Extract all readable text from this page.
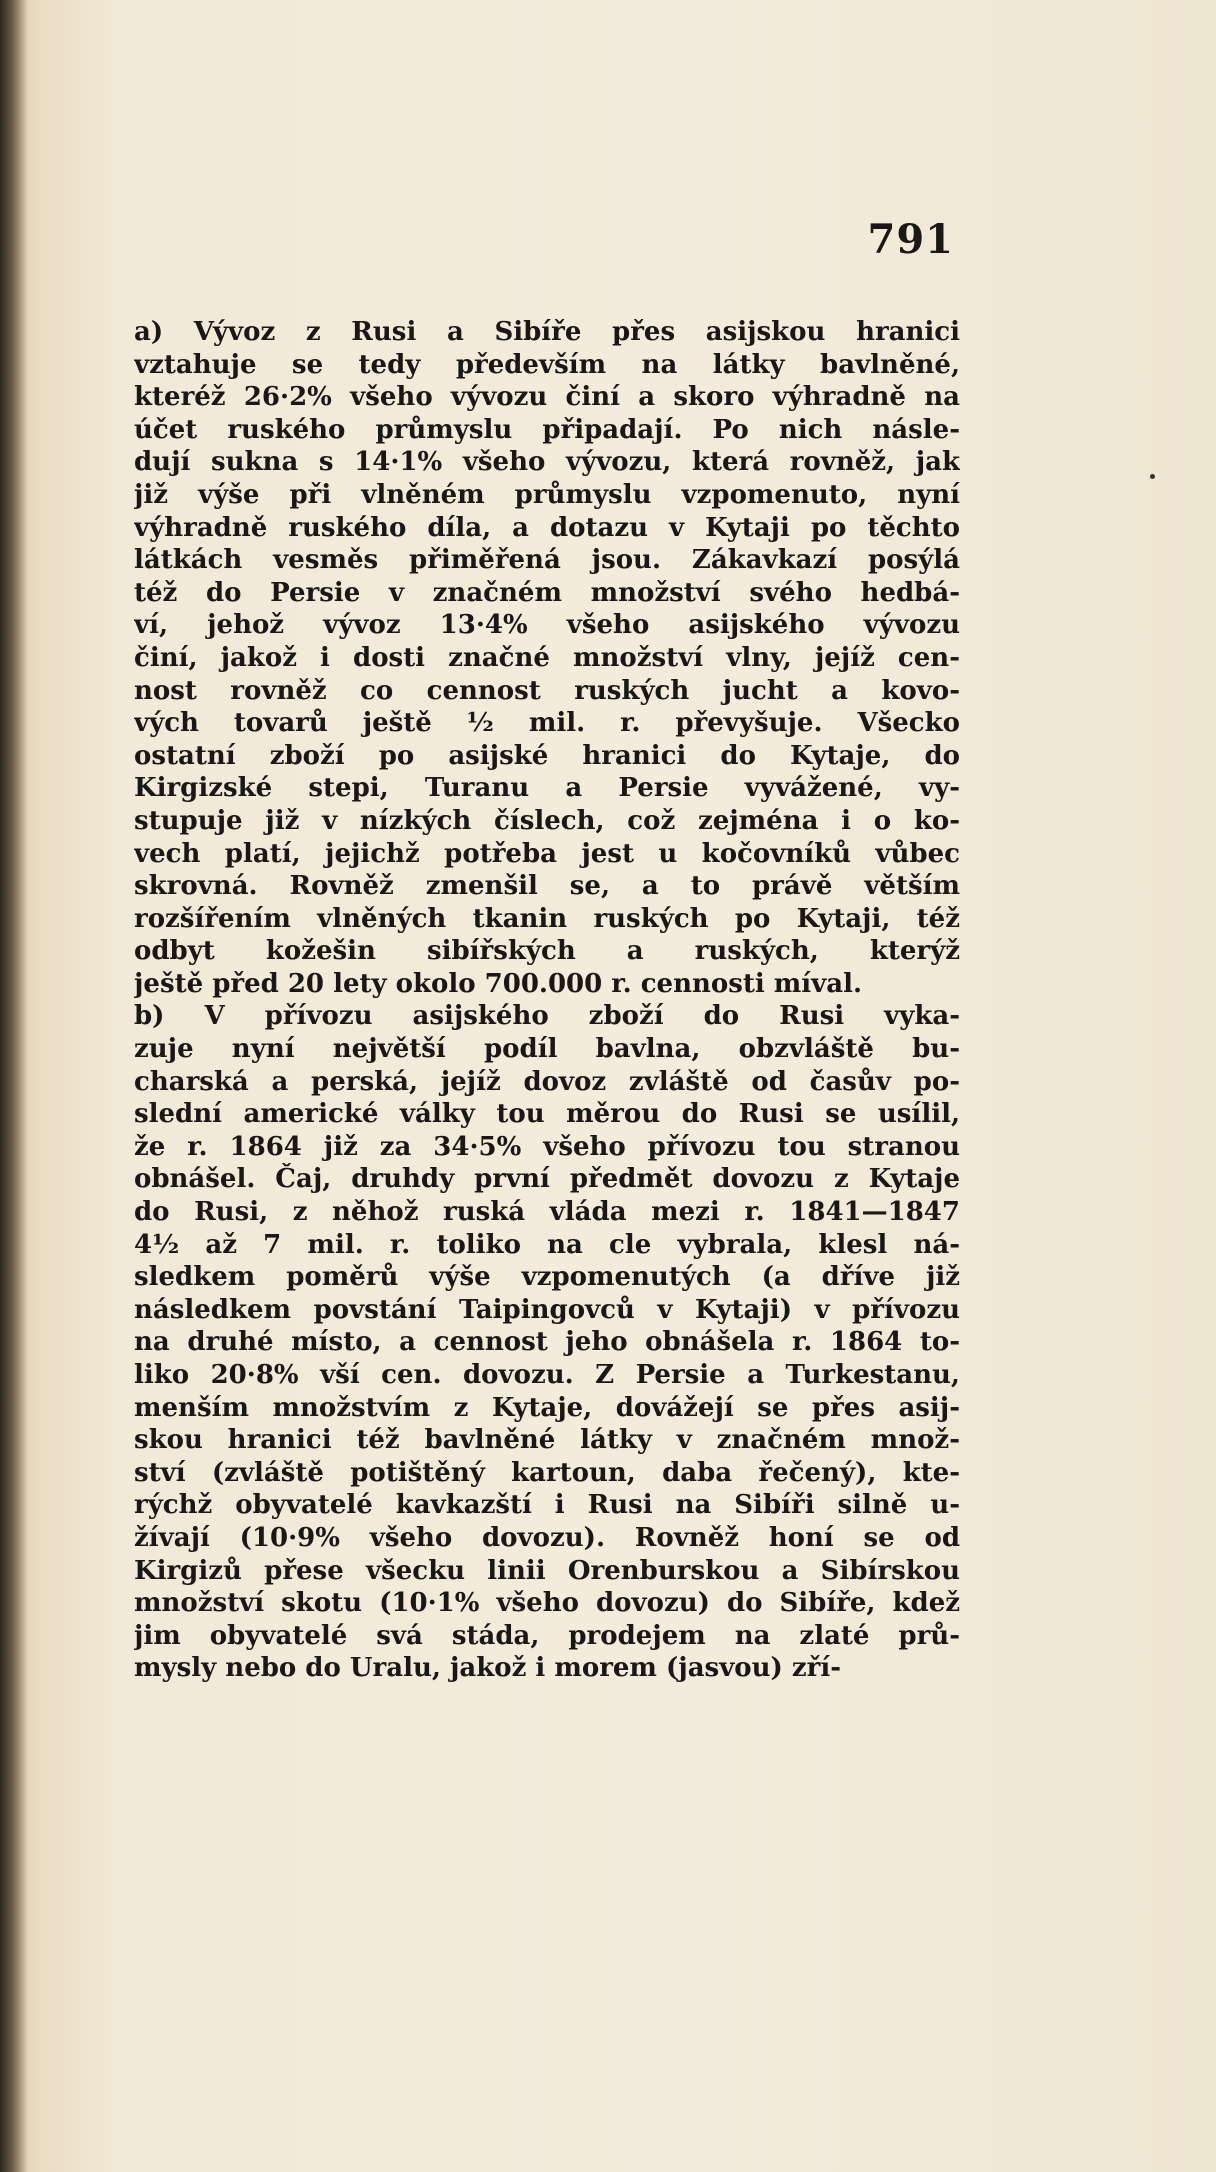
791
a) Vývoz z Rusi a Sibíře přes asijskou hranici
vztahuje se tedy především na látky bavlněné,
kteréž 26·2% všeho vývozu činí a skoro výhradně na
účet ruského průmyslu připadají. Po nich násle-
dují sukna s 14·1% všeho vývozu, která rovněž, jak
již výše při vlněném průmyslu vzpomenuto, nyní
výhradně ruského díla, a dotazu v Kytaji po těchto
látkách vesměs přiměřená jsou. Zákavkazí posýlá
též do Persie v značném množství svého hedbá-
ví, jehož vývoz 13·4% všeho asijského vývozu
činí, jakož i dosti značné množství vlny, jejíž cen-
nost rovněž co cennost ruských jucht a kovo-
vých tovarů ještě ½ mil. r. převyšuje. Všecko
ostatní zboží po asijské hranici do Kytaje, do
Kirgizské stepi, Turanu a Persie vyvážené, vy-
stupuje již v nízkých číslech, což zejména i o ko-
vech platí, jejichž potřeba jest u kočovníků vůbec
skrovná. Rovněž zmenšil se, a to právě větším
rozšířením vlněných tkanin ruských po Kytaji, též
odbyt kožešin sibířských a ruských, kterýž
ještě před 20 lety okolo 700.000 r. cennosti míval.
b) V přívozu asijského zboží do Rusi vyka-
zuje nyní největší podíl bavlna, obzvláště bu-
charská a perská, jejíž dovoz zvláště od časův po-
slední americké války tou měrou do Rusi se usílil,
že r. 1864 již za 34·5% všeho přívozu tou stranou
obnášel. Čaj, druhdy první předmět dovozu z Kytaje
do Rusi, z něhož ruská vláda mezi r. 1841—1847
4½ až 7 mil. r. toliko na cle vybrala, klesl ná-
sledkem poměrů výše vzpomenutých (a dříve již
následkem povstání Taipingovců v Kytaji) v přívozu
na druhé místo, a cennost jeho obnášela r. 1864 to-
liko 20·8% vší cen. dovozu. Z Persie a Turkestanu,
menším množstvím z Kytaje, dovážejí se přes asij-
skou hranici též bavlněné látky v značném množ-
ství (zvláště potištěný kartoun, daba řečený), kte-
rýchž obyvatelé kavkazští i Rusi na Sibíři silně u-
žívají (10·9% všeho dovozu). Rovněž honí se od
Kirgizů přese všecku linii Orenburskou a Sibírskou
množství skotu (10·1% všeho dovozu) do Sibíře, kdež
jim obyvatelé svá stáda, prodejem na zlaté prů-
mysly nebo do Uralu, jakož i morem (jasvou) zří-
